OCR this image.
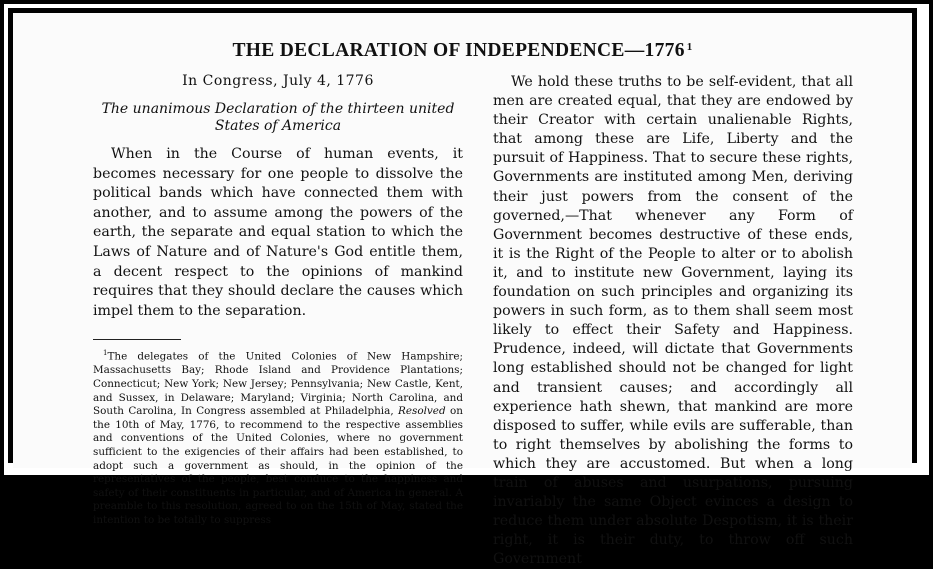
THE DECLARATION OF INDEPENDENCE—1776 $^1$
In Congress, July 4, 1776
The unanimous Declaration of the thirteen united States of America
When in the Course of human events, it becomes necessary for one people to dissolve the political bands which have connected them with another, and to assume among the powers of the earth, the separate and equal station to which the Laws of Nature and of Nature's God entitle them, a decent respect to the opinions of mankind requires that they should declare the causes which impel them to the separation.
$^1$The delegates of the United Colonies of New Hampshire; Massachusetts Bay; Rhode Island and Providence Plantations; Connecticut; New York; New Jersey; Pennsylvania; New Castle, Kent, and Sussex, in Delaware; Maryland; Virginia; North Carolina, and South Carolina, In Congress assembled at Philadelphia, Resolved on the 10th of May, 1776, to recommend to the respective assemblies and conventions of the United Colonies, where no government sufficient to the exigencies of their affairs had been established, to adopt such a government as should, in the opinion of the representatives of the people, best conduce to the happiness and safety of their constituents in particular, and of America in general. A preamble to this resolution, agreed to on the 15th of May, stated the intention to be totally to suppress
We hold these truths to be self-evident, that all men are created equal, that they are endowed by their Creator with certain unalienable Rights, that among these are Life, Liberty and the pursuit of Happiness. That to secure these rights, Governments are instituted among Men, deriving their just powers from the consent of the governed,—That whenever any Form of Government becomes destructive of these ends, it is the Right of the People to alter or to abolish it, and to institute new Government, laying its foundation on such principles and organizing its powers in such form, as to them shall seem most likely to effect their Safety and Happiness. Prudence, indeed, will dictate that Governments long established should not be changed for light and transient causes; and accordingly all experience hath shewn, that mankind are more disposed to suffer, while evils are sufferable, than to right themselves by abolishing the forms to which they are accustomed. But when a long train of abuses and usurpations, pursuing invariably the same Object evinces a design to reduce them under absolute Despotism, it is their right, it is their duty, to throw off such Government
